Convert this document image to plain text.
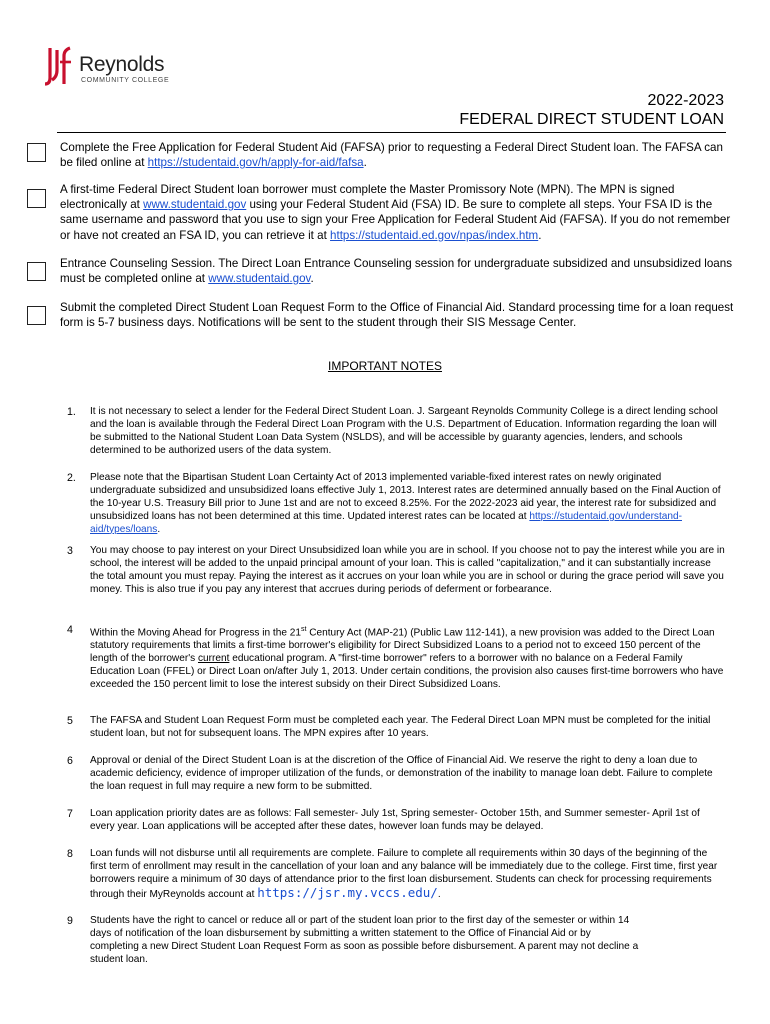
Reynolds
COMMUNITY COLLEGE
2022-2023
FEDERAL DIRECT STUDENT LOAN
Complete the Free Application for Federal Student Aid (FAFSA) prior to requesting a Federal Direct Student loan. The FAFSA can be filed online at https://studentaid.gov/h/apply-for-aid/fafsa.
A first-time Federal Direct Student loan borrower must complete the Master Promissory Note (MPN). The MPN is signed electronically at www.studentaid.gov using your Federal Student Aid (FSA) ID. Be sure to complete all steps. Your FSA ID is the same username and password that you use to sign your Free Application for Federal Student Aid (FAFSA). If you do not remember or have not created an FSA ID, you can retrieve it at https://studentaid.ed.gov/npas/index.htm.
Entrance Counseling Session. The Direct Loan Entrance Counseling session for undergraduate subsidized and unsubsidized loans must be completed online at www.studentaid.gov.
Submit the completed Direct Student Loan Request Form to the Office of Financial Aid. Standard processing time for a loan request form is 5-7 business days. Notifications will be sent to the student through their SIS Message Center.
IMPORTANT NOTES
1. It is not necessary to select a lender for the Federal Direct Student Loan. J. Sargeant Reynolds Community College is a direct lending school and the loan is available through the Federal Direct Loan Program with the U.S. Department of Education. Information regarding the loan will be submitted to the National Student Loan Data System (NSLDS), and will be accessible by guaranty agencies, lenders, and schools determined to be authorized users of the data system.
2. Please note that the Bipartisan Student Loan Certainty Act of 2013 implemented variable-fixed interest rates on newly originated undergraduate subsidized and unsubsidized loans effective July 1, 2013. Interest rates are determined annually based on the Final Auction of the 10-year U.S. Treasury Bill prior to June 1st and are not to exceed 8.25%. For the 2022-2023 aid year, the interest rate for subsidized and unsubsidized loans has not been determined at this time. Updated interest rates can be located at https://studentaid.gov/understand-aid/types/loans.
3 You may choose to pay interest on your Direct Unsubsidized loan while you are in school. If you choose not to pay the interest while you are in school, the interest will be added to the unpaid principal amount of your loan. This is called "capitalization," and it can substantially increase the total amount you must repay. Paying the interest as it accrues on your loan while you are in school or during the grace period will save you money. This is also true if you pay any interest that accrues during periods of deferment or forbearance.
4 Within the Moving Ahead for Progress in the 21st Century Act (MAP-21) (Public Law 112-141), a new provision was added to the Direct Loan statutory requirements that limits a first-time borrower's eligibility for Direct Subsidized Loans to a period not to exceed 150 percent of the length of the borrower's current educational program. A "first-time borrower" refers to a borrower with no balance on a Federal Family Education Loan (FFEL) or Direct Loan on/after July 1, 2013. Under certain conditions, the provision also causes first-time borrowers who have exceeded the 150 percent limit to lose the interest subsidy on their Direct Subsidized Loans.
5 The FAFSA and Student Loan Request Form must be completed each year. The Federal Direct Loan MPN must be completed for the initial student loan, but not for subsequent loans. The MPN expires after 10 years.
6 Approval or denial of the Direct Student Loan is at the discretion of the Office of Financial Aid. We reserve the right to deny a loan due to academic deficiency, evidence of improper utilization of the funds, or demonstration of the inability to manage loan debt. Failure to complete the loan request in full may require a new form to be submitted.
7 Loan application priority dates are as follows: Fall semester- July 1st, Spring semester- October 15th, and Summer semester- April 1st of every year. Loan applications will be accepted after these dates, however loan funds may be delayed.
8 Loan funds will not disburse until all requirements are complete. Failure to complete all requirements within 30 days of the beginning of the first term of enrollment may result in the cancellation of your loan and any balance will be immediately due to the college. First time, first year borrowers require a minimum of 30 days of attendance prior to the first loan disbursement. Students can check for processing requirements through their MyReynolds account at https://jsr.my.vccs.edu/.
9 Students have the right to cancel or reduce all or part of the student loan prior to the first day of the semester or within 14 days of notification of the loan disbursement by submitting a written statement to the Office of Financial Aid or by completing a new Direct Student Loan Request Form as soon as possible before disbursement. A parent may not decline a student loan.
